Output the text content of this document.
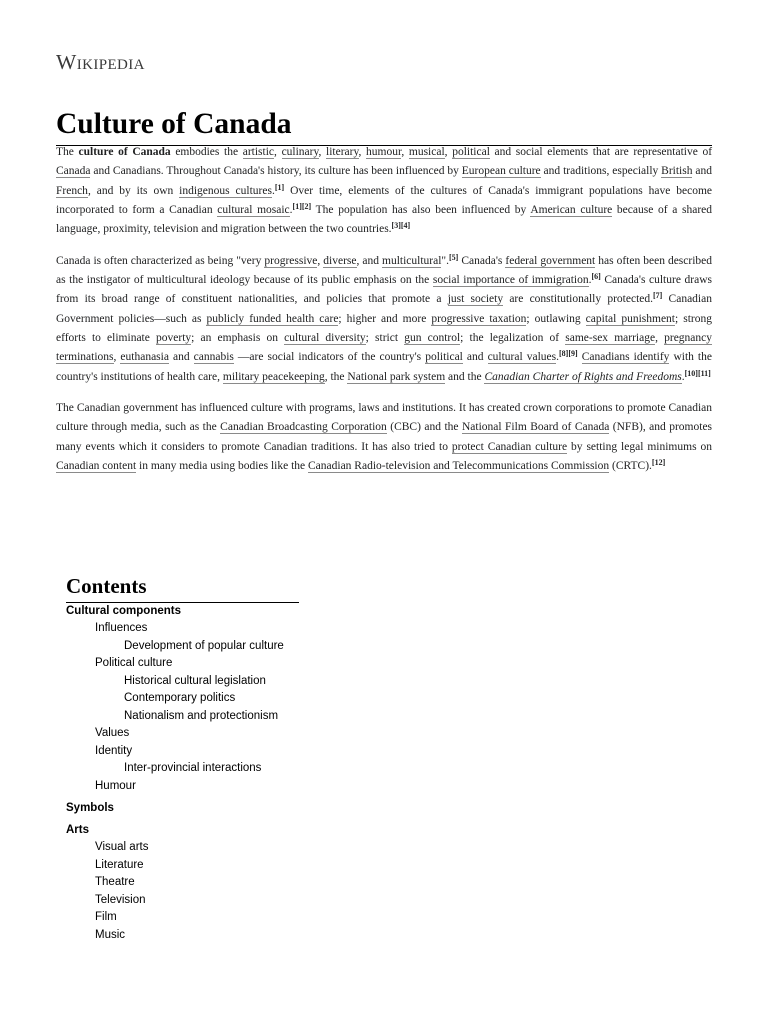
Wikipedia
Culture of Canada

The culture of Canada embodies the artistic, culinary, literary, humour, musical, political and social elements that are representative of Canada and Canadians. Throughout Canada's history, its culture has been influenced by European culture and traditions, especially British and French, and by its own indigenous cultures.[1] Over time, elements of the cultures of Canada's immigrant populations have become incorporated to form a Canadian cultural mosaic.[1][2] The population has also been influenced by American culture because of a shared language, proximity, television and migration between the two countries.[3][4]

Canada is often characterized as being "very progressive, diverse, and multicultural".[5] Canada's federal government has often been described as the instigator of multicultural ideology because of its public emphasis on the social importance of immigration.[6] Canada's culture draws from its broad range of constituent nationalities, and policies that promote a just society are constitutionally protected.[7] Canadian Government policies—such as publicly funded health care; higher and more progressive taxation; outlawing capital punishment; strong efforts to eliminate poverty; an emphasis on cultural diversity; strict gun control; the legalization of same-sex marriage, pregnancy terminations, euthanasia and cannabis —are social indicators of the country's political and cultural values.[8][9] Canadians identify with the country's institutions of health care, military peacekeeping, the National park system and the Canadian Charter of Rights and Freedoms.[10][11]

The Canadian government has influenced culture with programs, laws and institutions. It has created crown corporations to promote Canadian culture through media, such as the Canadian Broadcasting Corporation (CBC) and the National Film Board of Canada (NFB), and promotes many events which it considers to promote Canadian traditions. It has also tried to protect Canadian culture by setting legal minimums on Canadian content in many media using bodies like the Canadian Radio-television and Telecommunications Commission (CRTC).[12]

Contents
Cultural components
Influences
Development of popular culture
Political culture
Historical cultural legislation
Contemporary politics
Nationalism and protectionism
Values
Identity
Inter-provincial interactions
Humour
Symbols
Arts
Visual arts
Literature
Theatre
Television
Film
Music
